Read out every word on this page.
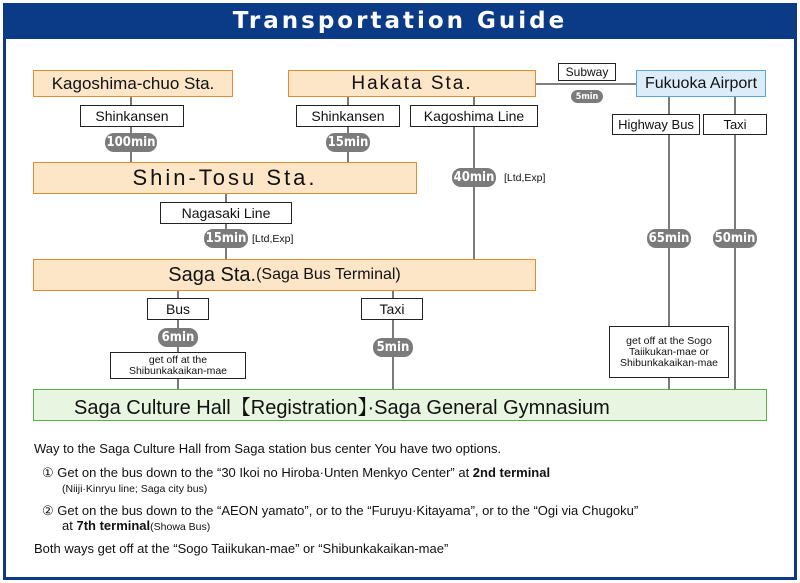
Transportation Guide
Kagoshima-chuo Sta.	Hakata Sta.	Fukuoka Airport
Shin-Tosu Sta.
Saga Sta. (Saga Bus Terminal)
Saga Culture Hall【Registration】·Saga General Gymnasium
Subway
Shinkansen	Shinkansen	Kagoshima Line
Highway Bus Taxi
Nagasaki Line
Bus	Taxi
5min
100min	15min
40min [Ltd,Exp]
15min [Ltd,Exp]	65min 50min
6min
5min
get off at the Shibunkakaikan-mae
get off at the Sogo Taiikukan-mae or Shibunkakaikan-mae
Way to the Saga Culture Hall from Saga station bus center You have two options.
① Get on the bus down to the “30 Ikoi no Hiroba·Unten Menkyo Center” at 2nd terminal
(Niiji·Kinryu line; Saga city bus)
② Get on the bus down to the “AEON yamato”, or to the “Furuyu·Kitayama”, or to the “Ogi via Chugoku”
at 7th terminal(Showa Bus)
Both ways get off at the “Sogo Taiikukan-mae” or “Shibunkakaikan-mae”
